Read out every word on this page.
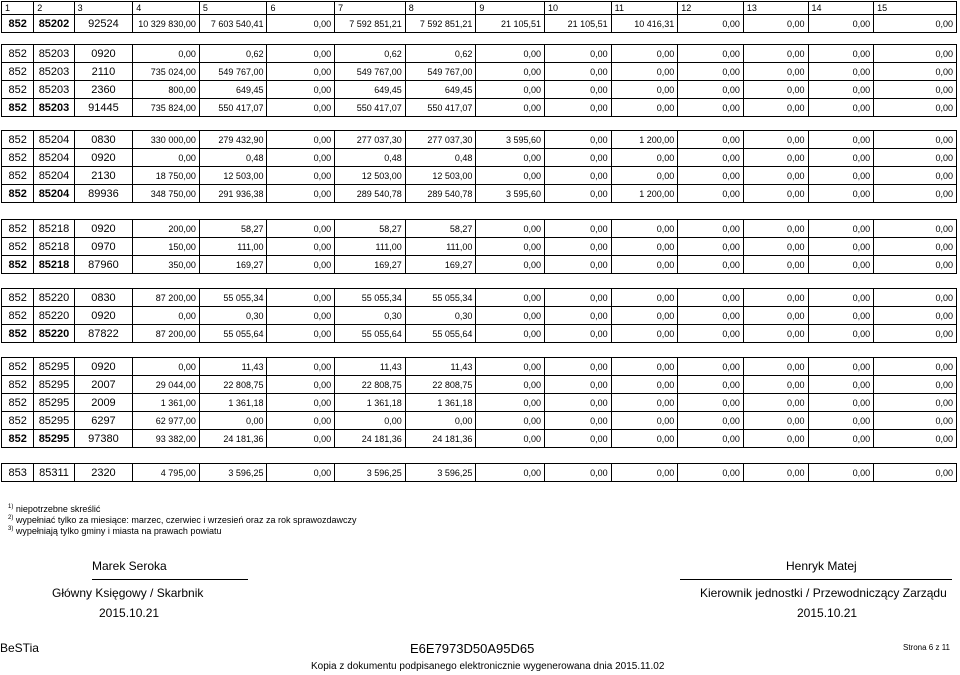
1	2	3	4	5	6	7	8	9	10	11	12	13	14	15
852	85202	92524	10 329 830,00	7 603 540,41	0,00	7 592 851,21	7 592 851,21	21 105,51	21 105,51	10 416,31	0,00	0,00	0,00	0,00
852	85203	0920	0,00	0,62	0,00	0,62	0,62	0,00	0,00	0,00	0,00	0,00	0,00	0,00
852	85203	2110	735 024,00	549 767,00	0,00	549 767,00	549 767,00	0,00	0,00	0,00	0,00	0,00	0,00	0,00
852	85203	2360	800,00	649,45	0,00	649,45	649,45	0,00	0,00	0,00	0,00	0,00	0,00	0,00
852	85203	91445	735 824,00	550 417,07	0,00	550 417,07	550 417,07	0,00	0,00	0,00	0,00	0,00	0,00	0,00
852	85204	0830	330 000,00	279 432,90	0,00	277 037,30	277 037,30	3 595,60	0,00	1 200,00	0,00	0,00	0,00	0,00
852	85204	0920	0,00	0,48	0,00	0,48	0,48	0,00	0,00	0,00	0,00	0,00	0,00	0,00
852	85204	2130	18 750,00	12 503,00	0,00	12 503,00	12 503,00	0,00	0,00	0,00	0,00	0,00	0,00	0,00
852	85204	89936	348 750,00	291 936,38	0,00	289 540,78	289 540,78	3 595,60	0,00	1 200,00	0,00	0,00	0,00	0,00
852	85218	0920	200,00	58,27	0,00	58,27	58,27	0,00	0,00	0,00	0,00	0,00	0,00	0,00
852	85218	0970	150,00	111,00	0,00	111,00	111,00	0,00	0,00	0,00	0,00	0,00	0,00	0,00
852	85218	87960	350,00	169,27	0,00	169,27	169,27	0,00	0,00	0,00	0,00	0,00	0,00	0,00
852	85220	0830	87 200,00	55 055,34	0,00	55 055,34	55 055,34	0,00	0,00	0,00	0,00	0,00	0,00	0,00
852	85220	0920	0,00	0,30	0,00	0,30	0,30	0,00	0,00	0,00	0,00	0,00	0,00	0,00
852	85220	87822	87 200,00	55 055,64	0,00	55 055,64	55 055,64	0,00	0,00	0,00	0,00	0,00	0,00	0,00
852	85295	0920	0,00	11,43	0,00	11,43	11,43	0,00	0,00	0,00	0,00	0,00	0,00	0,00
852	85295	2007	29 044,00	22 808,75	0,00	22 808,75	22 808,75	0,00	0,00	0,00	0,00	0,00	0,00	0,00
852	85295	2009	1 361,00	1 361,18	0,00	1 361,18	1 361,18	0,00	0,00	0,00	0,00	0,00	0,00	0,00
852	85295	6297	62 977,00	0,00	0,00	0,00	0,00	0,00	0,00	0,00	0,00	0,00	0,00	0,00
852	85295	97380	93 382,00	24 181,36	0,00	24 181,36	24 181,36	0,00	0,00	0,00	0,00	0,00	0,00	0,00
853	85311	2320	4 795,00	3 596,25	0,00	3 596,25	3 596,25	0,00	0,00	0,00	0,00	0,00	0,00	0,00
$^{1)}$ niepotrzebne skreślić
$^{2)}$ wypełniać tylko za miesiące: marzec, czerwiec i wrzesień oraz za rok sprawozdawczy
$^{3)}$ wypełniają tylko gminy i miasta na prawach powiatu
Marek Seroka
Główny Księgowy / Skarbnik
2015.10.21
Henryk Matej
Kierownik jednostki / Przewodniczący Zarządu
2015.10.21
BeSTia	E6E7973D50A95D65	Strona 6 z 11
Kopia z dokumentu podpisanego elektronicznie wygenerowana dnia 2015.11.02
